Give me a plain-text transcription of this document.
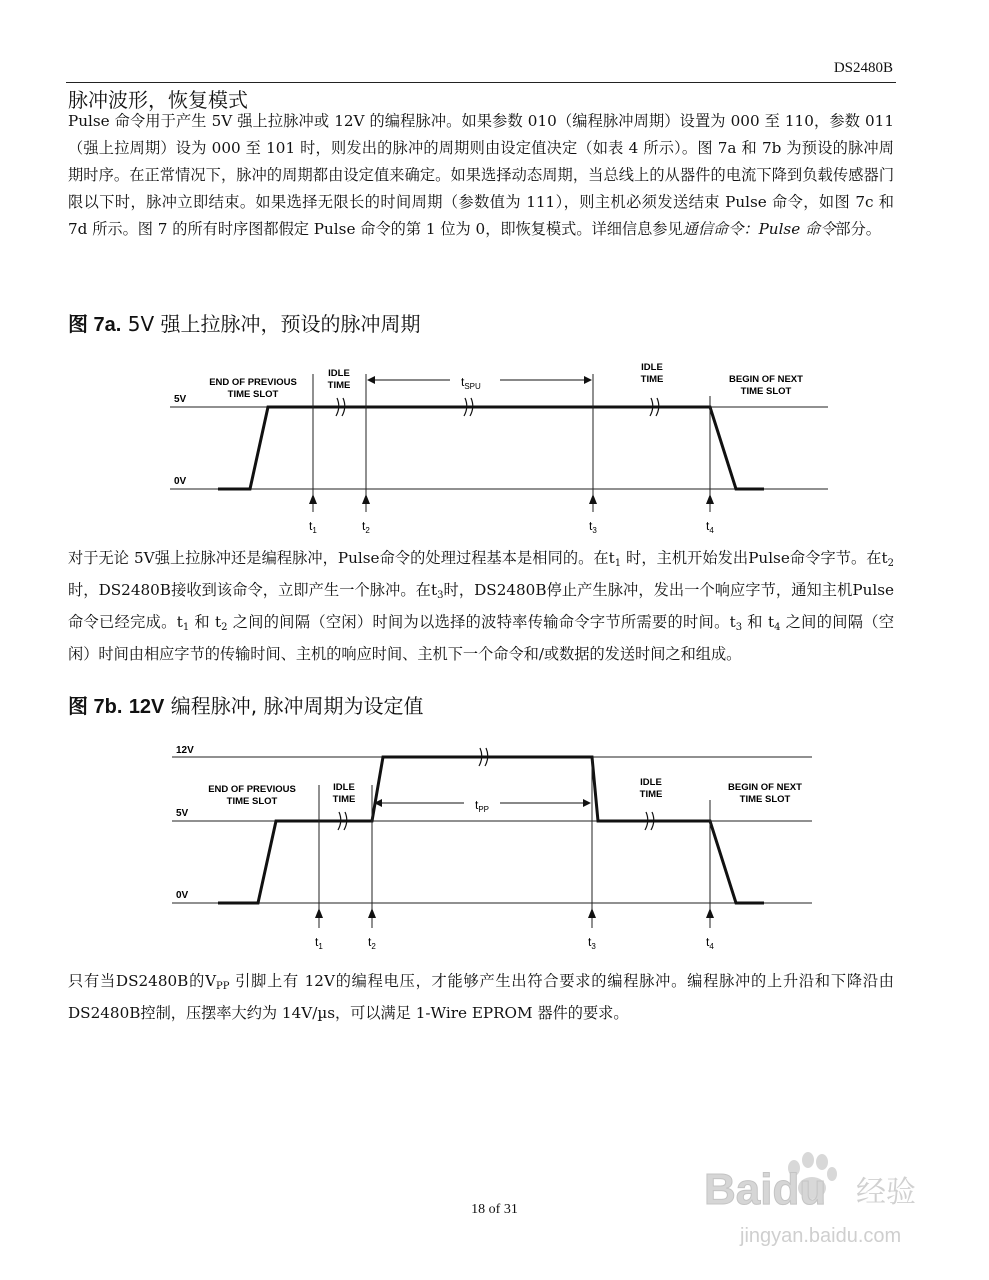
DS2480B
脉冲波形，恢复模式
Pulse 命令用于产生 5V 强上拉脉冲或 12V 的编程脉冲。如果参数 010（编程脉冲周期）设置为 000 至 110，参数 011（强上拉周期）设为 000 至 101 时，则发出的脉冲的周期则由设定值决定（如表 4 所示）。图 7a 和 7b 为预设的脉冲周期时序。在正常情况下，脉冲的周期都由设定值来确定。如果选择动态周期，当总线上的从器件的电流下降到负载传感器门限以下时，脉冲立即结束。如果选择无限长的时间周期（参数值为 111），则主机必须发送结束 Pulse 命令，如图 7c 和 7d 所示。图 7 的所有时序图都假定 Pulse 命令的第 1 位为 0，即恢复模式。详细信息参见通信命令：Pulse 命令部分。
图 7a. 5V 强上拉脉冲，预设的脉冲周期
5V
0V
$t_{SPU}$
END OF PREVIOUS
TIME SLOT
IDLE
TIME
IDLE
TIME	BEGIN OF NEXT
TIME SLOT
$t_1$	$t_2$	$t_3$	$t_4$
对于无论 5V强上拉脉冲还是编程脉冲，Pulse命令的处理过程基本是相同的。在$t_1$ 时，主机开始发出Pulse命令字节。在$t_2$ 时，DS2480B接收到该命令，立即产生一个脉冲。在$t_3$时，DS2480B停止产生脉冲，发出一个响应字节，通知主机Pulse命令已经完成。$t_1$ 和 $t_2$ 之间的间隔（空闲）时间为以选择的波特率传输命令字节所需要的时间。$t_3$ 和 $t_4$ 之间的间隔（空闲）时间由相应字节的传输时间、主机的响应时间、主机下一个命令和/或数据的发送时间之和组成。
图 7b. 12V 编程脉冲, 脉冲周期为设定值
12V
5V
0V
$t_{PP}$
END OF PREVIOUS
TIME SLOT
IDLE
TIME
IDLE
TIME
BEGIN OF NEXT
TIME SLOT
$t_1$	$t_2$	$t_3$	$t_4$
只有当DS2480B的$V_{PP}$ 引脚上有 12V的编程电压，才能够产生出符合要求的编程脉冲。编程脉冲的上升沿和下降沿由DS2480B控制，压摆率大约为 14V/µs，可以满足 1-Wire EPROM 器件的要求。
Baidu 经验
jingyan.baidu.com
18 of 31
